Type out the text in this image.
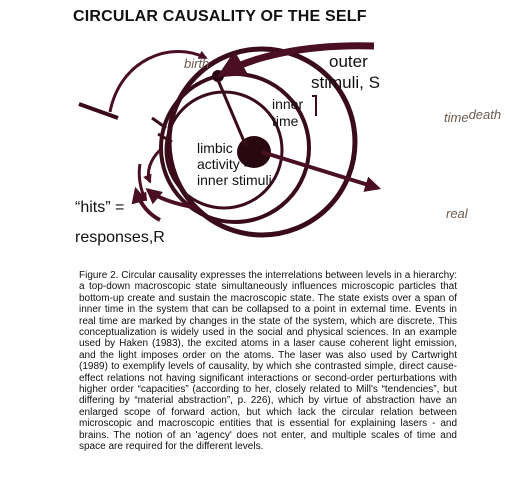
CIRCULAR CAUSALITY OF THE SELF
birth	outer
stimuli, S
inner
time
limbic
activity =
inner stimuli
“hits” =
responses,R
timedeath
real
Figure 2. Circular causality expresses the interrelations between levels in a hierarchy: a top-down macroscopic state simultaneously influences microscopic particles that bottom-up create and sustain the macroscopic state. The state exists over a span of inner time in the system that can be collapsed to a point in external time. Events in real time are marked by changes in the state of the system, which are discrete. This conceptualization is widely used in the social and physical sciences. In an example used by Haken (1983), the excited atoms in a laser cause coherent light emission, and the light imposes order on the atoms. The laser was also used by Cartwright (1989) to exemplify levels of causality, by which she contrasted simple, direct cause-effect relations not having significant interactions or second-order perturbations with higher order “capacities” (according to her, closely related to Mill's “tendencies”, but differing by “material abstraction”, p. 226), which by virtue of abstraction have an enlarged scope of forward action, but which lack the circular relation between microscopic and macroscopic entities that is essential for explaining lasers - and brains. The notion of an 'agency' does not enter, and multiple scales of time and space are required for the different levels.
